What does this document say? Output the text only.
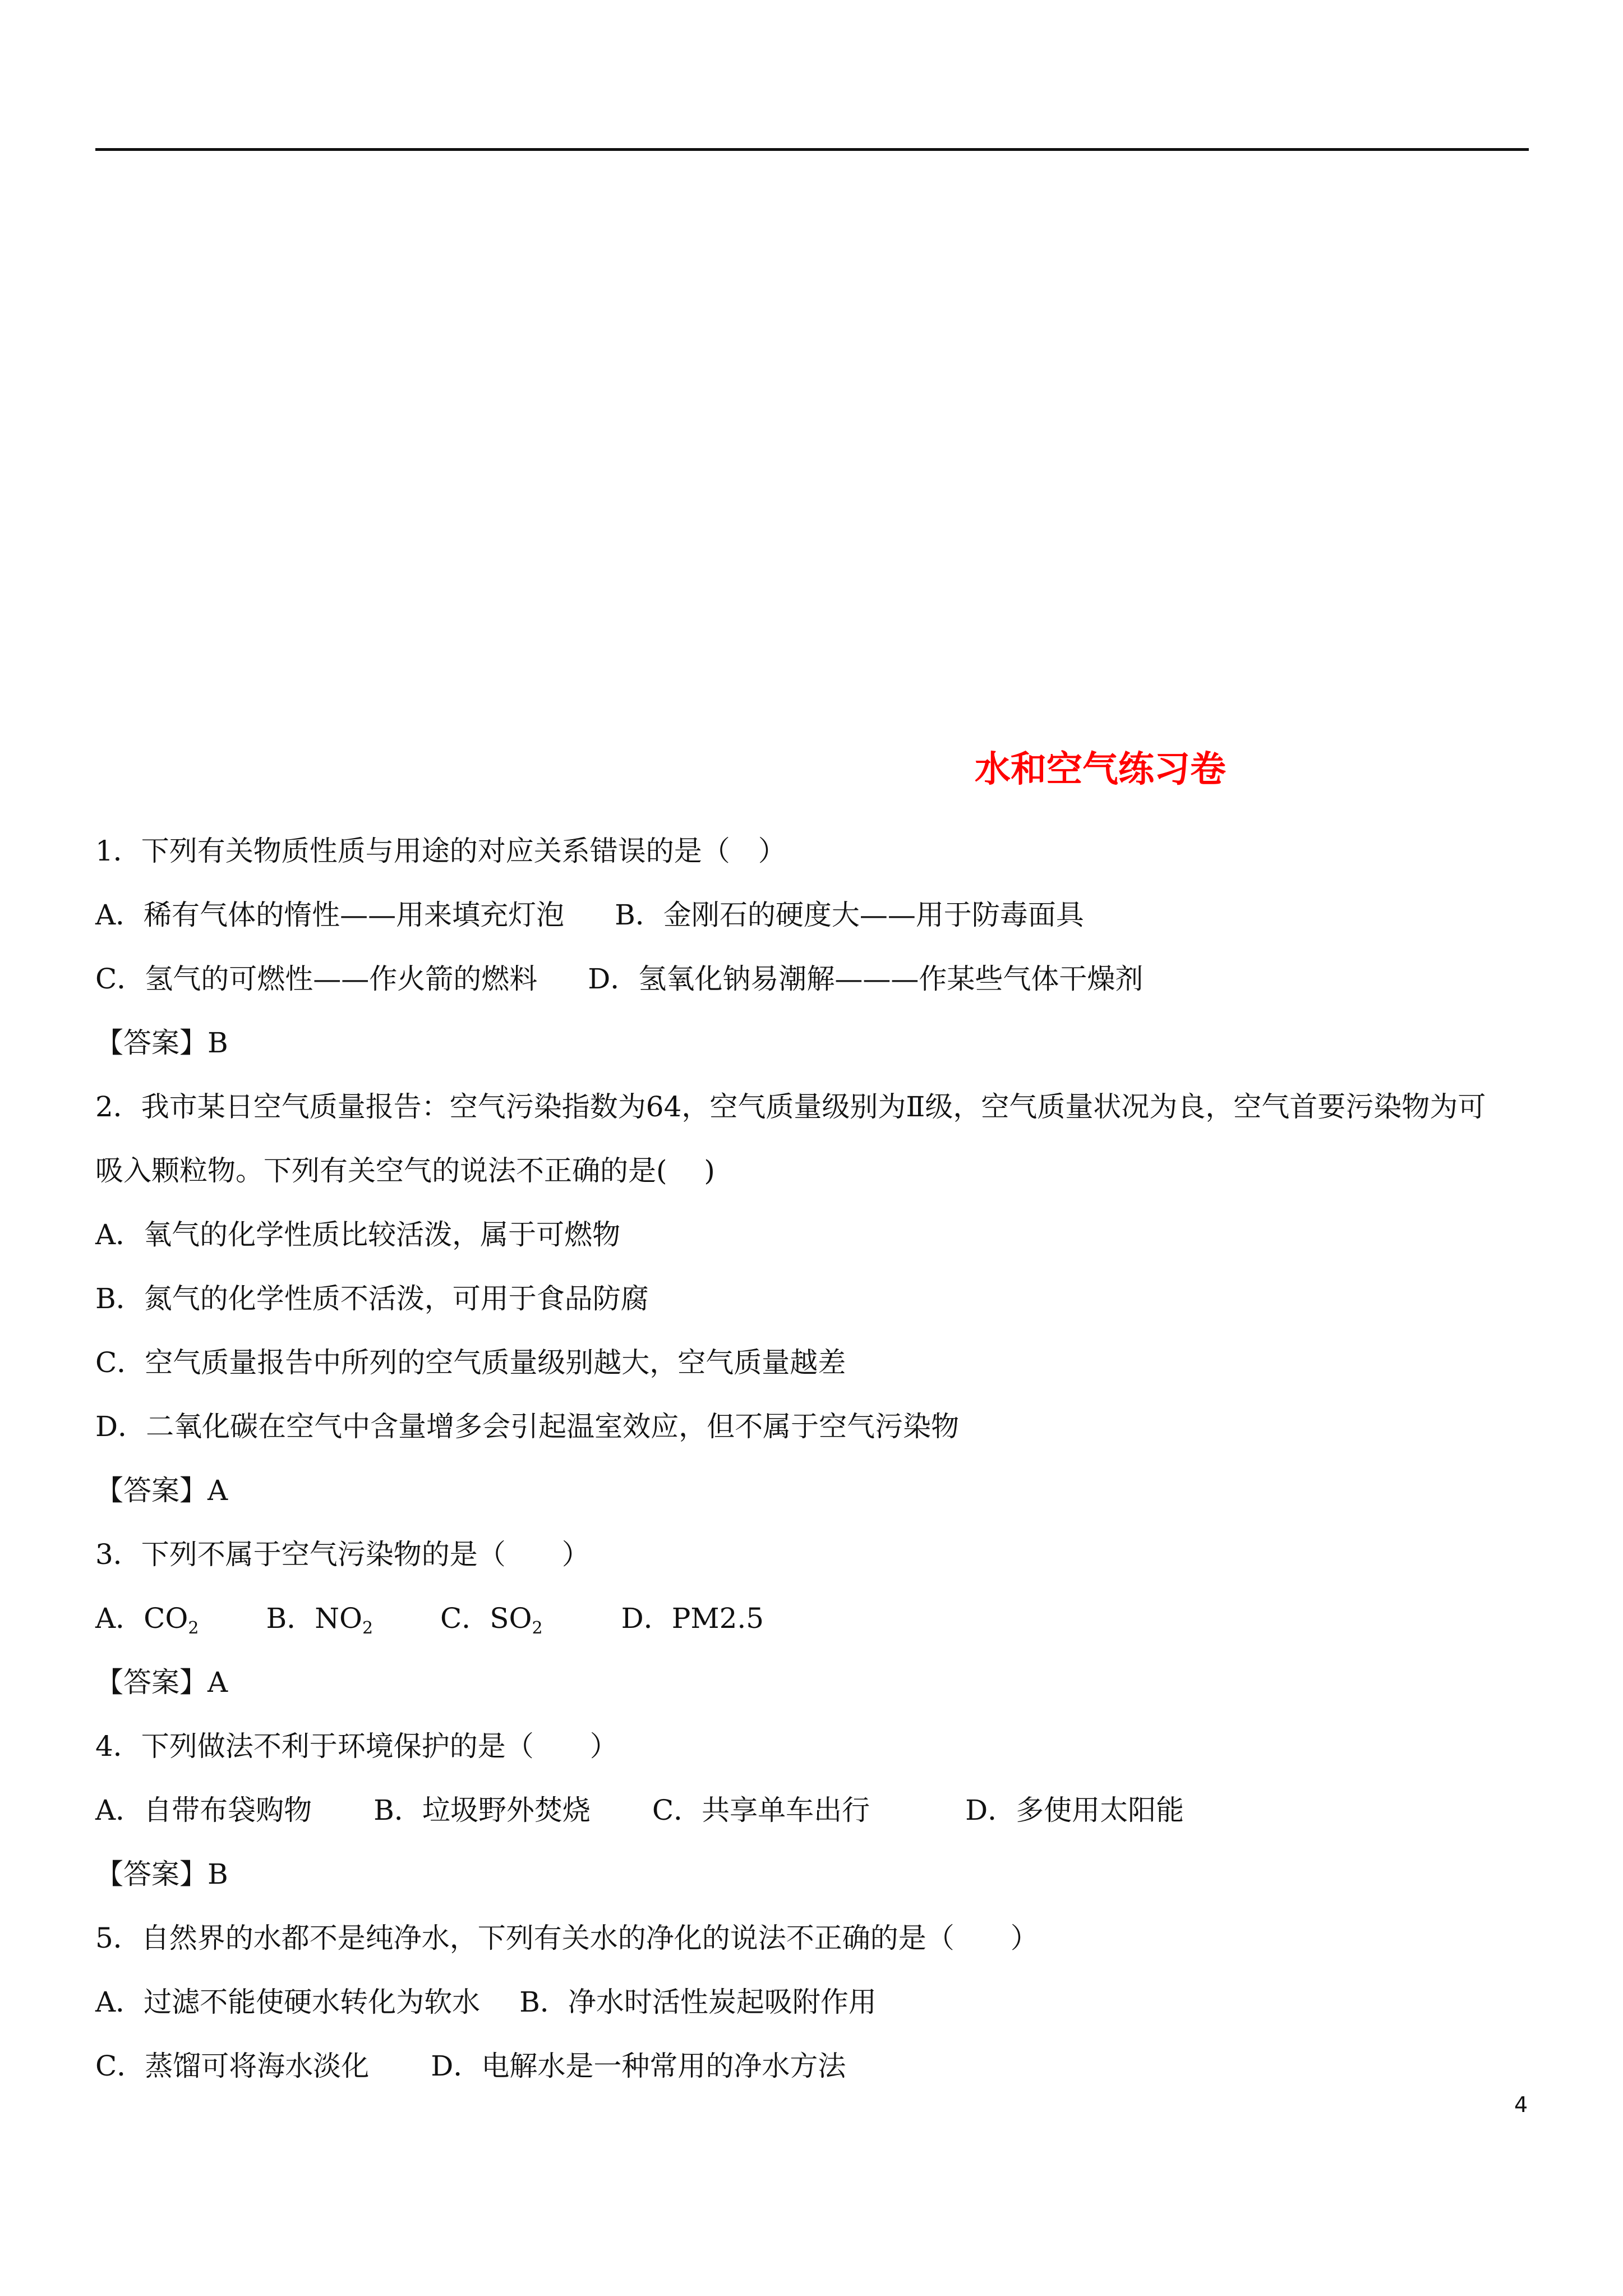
水和空气练习卷
1．下列有关物质性质与用途的对应关系错误的是（　）
A．稀有气体的惰性——用来填充灯泡 B．金刚石的硬度大——用于防毒面具
C．氢气的可燃性——作火箭的燃料 D．氢氧化钠易潮解———作某些气体干燥剂
【答案】B
2．我市某日空气质量报告：空气污染指数为64，空气质量级别为Ⅱ级，空气质量状况为良，空气首要污染物为可
吸入颗粒物。下列有关空气的说法不正确的是(　 )
A．氧气的化学性质比较活泼，属于可燃物
B．氮气的化学性质不活泼，可用于食品防腐
C．空气质量报告中所列的空气质量级别越大，空气质量越差
D．二氧化碳在空气中含量增多会引起温室效应，但不属于空气污染物
【答案】A
3．下列不属于空气污染物的是（　　）
A．$CO_2$ B．$NO_2$ C．$SO_2$	D．PM2.5
【答案】A
4．下列做法不利于环境保护的是（　　）
A．自带布袋购物 B．垃圾野外焚烧 C．共享单车出行	D．多使用太阳能
【答案】B
5．自然界的水都不是纯净水，下列有关水的净化的说法不正确的是（　　）
A．过滤不能使硬水转化为软水 B．净水时活性炭起吸附作用
C．蒸馏可将海水淡化 D．电解水是一种常用的净水方法
4
